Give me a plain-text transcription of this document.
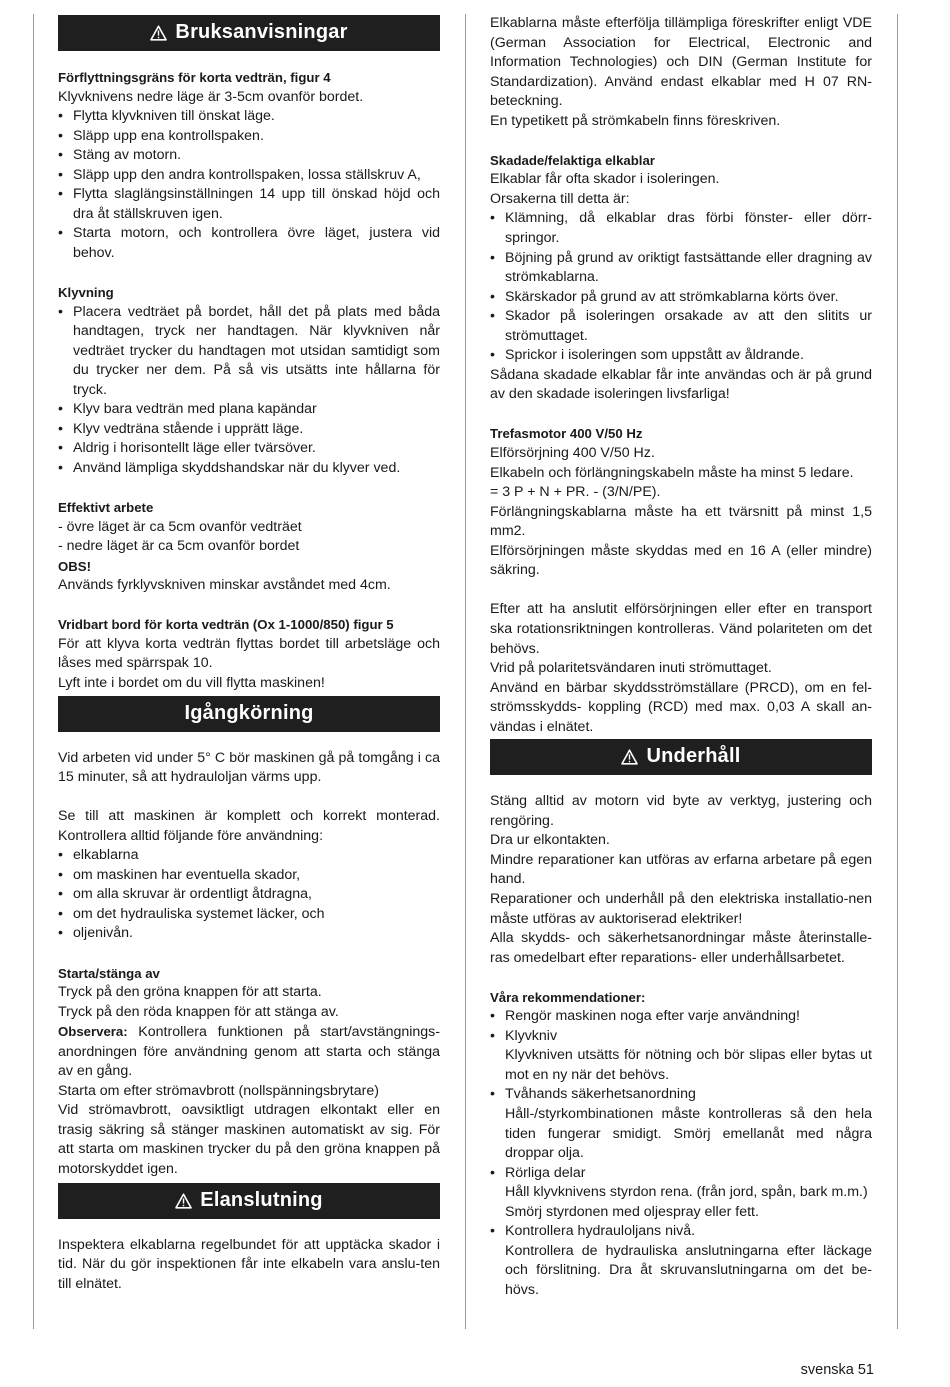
Bruksanvisningar
Förflyttningsgräns för korta vedträn, figur 4
Klyvknivens nedre läge är 3-5cm ovanför bordet.
• Flytta klyvkniven till önskat läge.
• Släpp upp ena kontrollspaken.
• Stäng av motorn.
• Släpp upp den andra kontrollspaken, lossa ställskruv A,
• Flytta slaglängsinställningen 14 upp till önskad höjd och dra åt ställskruven igen.
• Starta motorn, och kontrollera övre läget, justera vid behov.
Klyvning
• Placera vedträet på bordet, håll det på plats med båda handtagen, tryck ner handtagen. När klyvkniven når vedträet trycker du handtagen mot utsidan samtidigt som du trycker ner dem. På så vis utsätts inte hållarna för tryck.
• Klyv bara vedträn med plana kapändar
• Klyv vedträna stående i upprätt läge.
• Aldrig i horisontellt läge eller tvärsöver.
• Använd lämpliga skyddshandskar när du klyver ved.
Effektivt arbete
- övre läget är ca 5cm ovanför vedträet
- nedre läget är ca 5cm ovanför bordet
OBS!
Används fyrklyvskniven minskar avståndet med 4cm.
Vridbart bord för korta vedträn (Ox 1-1000/850) figur 5
För att klyva korta vedträn flyttas bordet till arbetsläge och låses med spärrspak 10.
Lyft inte i bordet om du vill flytta maskinen!
Igångkörning
Vid arbeten vid under 5° C bör maskinen gå på tomgång i ca 15 minuter, så att hydrauloljan värms upp.
Se till att maskinen är komplett och korrekt monterad. Kontrollera alltid följande före användning:
• elkablarna
• om maskinen har eventuella skador,
• om alla skruvar är ordentligt åtdragna,
• om det hydrauliska systemet läcker, och
• oljenivån.
Starta/stänga av
Tryck på den gröna knappen för att starta.
Tryck på den röda knappen för att stänga av.
Observera: Kontrollera funktionen på start/avstängnings-anordningen före användning genom att starta och stänga av en gång.
Starta om efter strömavbrott (nollspänningsbrytare)
Vid strömavbrott, oavsiktligt utdragen elkontakt eller en trasig säkring så stänger maskinen automatiskt av sig. För att starta om maskinen trycker du på den gröna knappen på motorskyddet igen.
Elanslutning
Inspektera elkablarna regelbundet för att upptäcka skador i tid. När du gör inspektionen får inte elkabeln vara anslu-ten till elnätet.
Elkablarna måste efterfölja tillämpliga föreskrifter enligt VDE (German Association for Electrical, Electronic and Information Technologies) och DIN (German Institute for Standardization). Använd endast elkablar med H 07 RN-beteckning.
En typetikett på strömkabeln finns föreskriven.
Skadade/felaktiga elkablar
Elkablar får ofta skador i isoleringen.
Orsakerna till detta är:
• Klämning, då elkablar dras förbi fönster- eller dörr-springor.
• Böjning på grund av oriktigt fastsättande eller dragning av strömkablarna.
• Skärskador på grund av att strömkablarna körts över.
• Skador på isoleringen orsakade av att den slitits ur strömuttaget.
• Sprickor i isoleringen som uppstått av åldrande.
Sådana skadade elkablar får inte användas och är på grund av den skadade isoleringen livsfarliga!
Trefasmotor 400 V/50 Hz
Elförsörjning 400 V/50 Hz.
Elkabeln och förlängningskabeln måste ha minst 5 ledare.
= 3 P + N + PR. - (3/N/PE).
Förlängningskablarna måste ha ett tvärsnitt på minst 1,5 mm2.
Elförsörjningen måste skyddas med en 16 A (eller mindre) säkring.
Efter att ha anslutit elförsörjningen eller efter en transport ska rotationsriktningen kontrolleras. Vänd polariteten om det behövs.
Vrid på polaritetsvändaren inuti strömuttaget.
Använd en bärbar skyddsströmställare (PRCD), om en fel-strömsskydds- koppling (RCD) med max. 0,03 A skall an-vändas i elnätet.
Underhåll
Stäng alltid av motorn vid byte av verktyg, justering och rengöring.
Dra ur elkontakten.
Mindre reparationer kan utföras av erfarna arbetare på egen hand.
Reparationer och underhåll på den elektriska installatio-nen måste utföras av auktoriserad elektriker!
Alla skydds- och säkerhetsanordningar måste återinstalle-ras omedelbart efter reparations- eller underhållsarbetet.
Våra rekommendationer:
• Rengör maskinen noga efter varje användning!
• Klyvkniv
Klyvkniven utsätts för nötning och bör slipas eller bytas ut mot en ny när det behövs.
• Tvåhands säkerhetsanordning
Håll-/styrkombinationen måste kontrolleras så den hela tiden fungerar smidigt. Smörj emellanåt med några droppar olja.
• Rörliga delar
Håll klyvknivens styrdon rena. (från jord, spån, bark m.m.)
Smörj styrdonen med oljespray eller fett.
• Kontrollera hydrauloljans nivå.
Kontrollera de hydrauliska anslutningarna efter läckage och förslitning. Dra åt skruvanslutningarna om det be-hövs.
svenska 51
